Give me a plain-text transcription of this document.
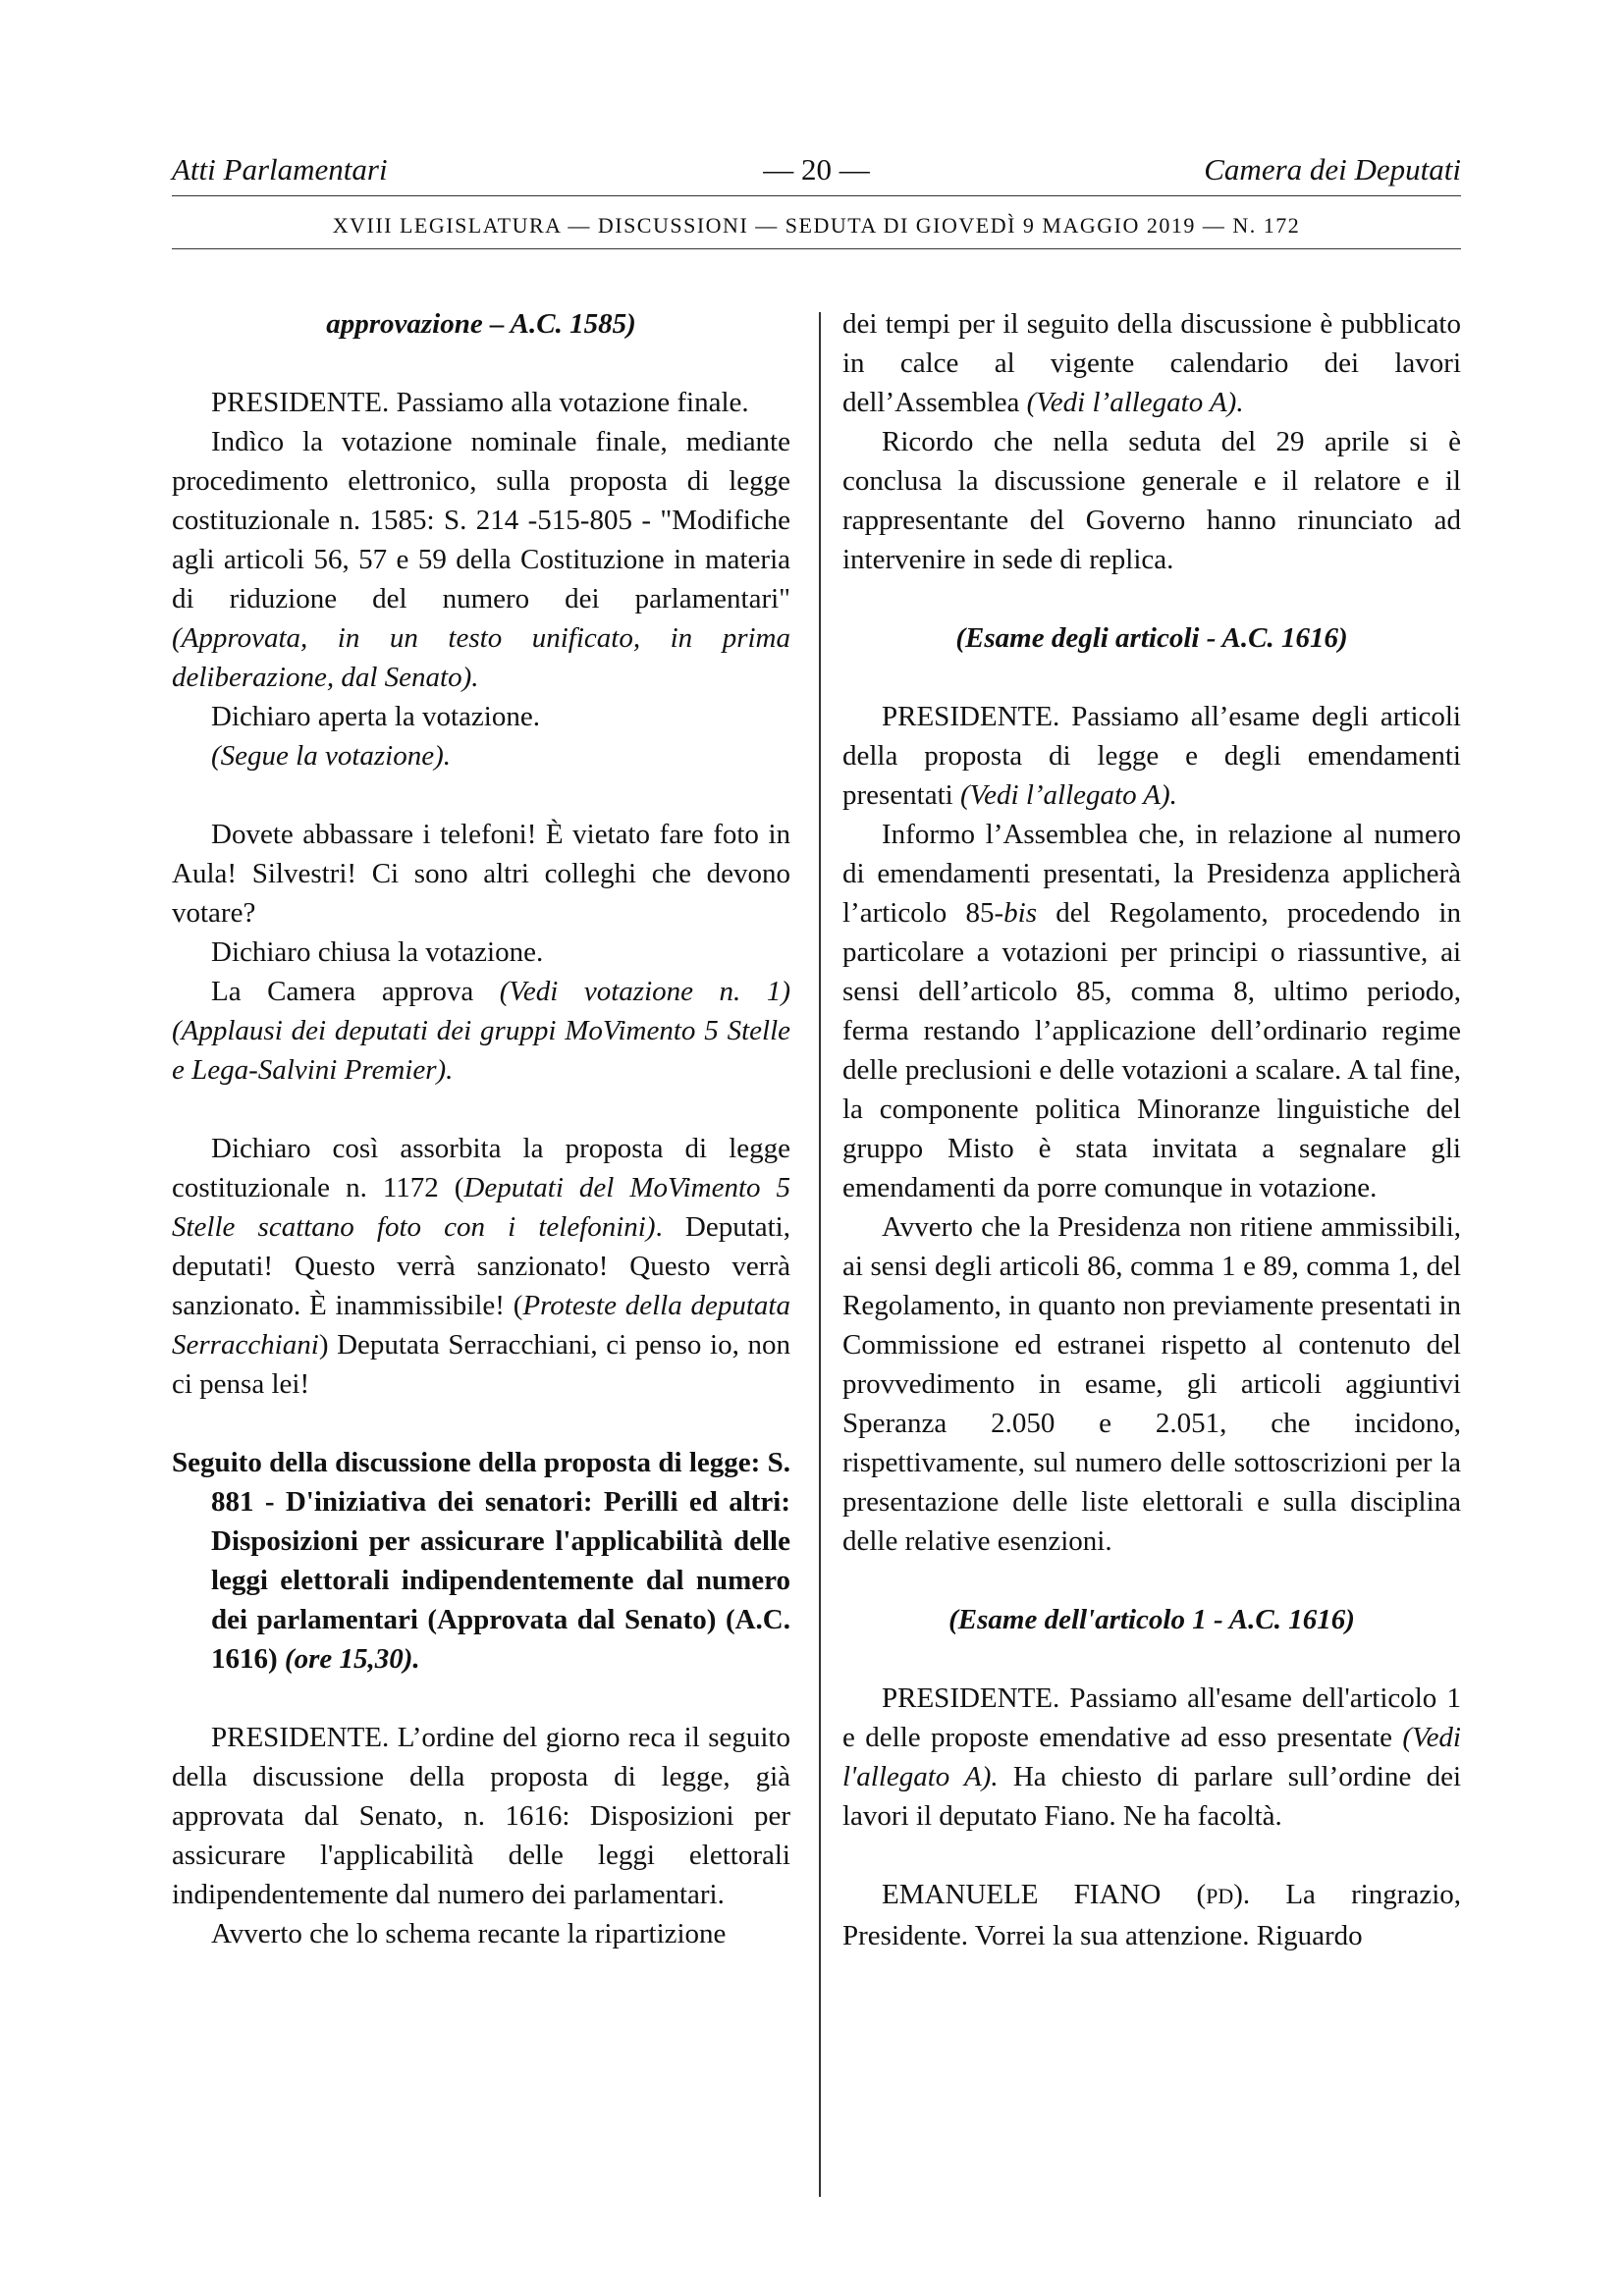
Atti Parlamentari	— 20 —	Camera dei Deputati
XVIII LEGISLATURA — DISCUSSIONI — SEDUTA DI GIOVEDÌ 9 MAGGIO 2019 — N. 172

approvazione – A.C. 1585)

PRESIDENTE. Passiamo alla votazione finale.

Indìco la votazione nominale finale, mediante procedimento elettronico, sulla proposta di legge costituzionale n. 1585: S. 214 -515-805 - "Modifiche agli articoli 56, 57 e 59 della Costituzione in materia di riduzione del numero dei parlamentari" (Approvata, in un testo unificato, in prima deliberazione, dal Senato).

Dichiaro aperta la votazione.

(Segue la votazione).

Dovete abbassare i telefoni! È vietato fare foto in Aula! Silvestri! Ci sono altri colleghi che devono votare?

Dichiaro chiusa la votazione.

La Camera approva (Vedi votazione n. 1) (Applausi dei deputati dei gruppi MoVimento 5 Stelle e Lega-Salvini Premier).

Dichiaro così assorbita la proposta di legge costituzionale n. 1172 (Deputati del MoVimento 5 Stelle scattano foto con i telefonini). Deputati, deputati! Questo verrà sanzionato! Questo verrà sanzionato. È inammissibile! (Proteste della deputata Serracchiani) Deputata Serracchiani, ci penso io, non ci pensa lei!

Seguito della discussione della proposta di legge: S. 881 - D'iniziativa dei senatori: Perilli ed altri: Disposizioni per assicurare l'applicabilità delle leggi elettorali indipendentemente dal numero dei parlamentari (Approvata dal Senato) (A.C. 1616) (ore 15,30).

PRESIDENTE. L’ordine del giorno reca il seguito della discussione della proposta di legge, già approvata dal Senato, n. 1616: Disposizioni per assicurare l'applicabilità delle leggi elettorali indipendentemente dal numero dei parlamentari.

Avverto che lo schema recante la ripartizione

dei tempi per il seguito della discussione è pubblicato in calce al vigente calendario dei lavori dell’Assemblea (Vedi l’allegato A).

Ricordo che nella seduta del 29 aprile si è conclusa la discussione generale e il relatore e il rappresentante del Governo hanno rinunciato ad intervenire in sede di replica.

(Esame degli articoli - A.C. 1616)

PRESIDENTE. Passiamo all’esame degli articoli della proposta di legge e degli emendamenti presentati (Vedi l’allegato A).

Informo l’Assemblea che, in relazione al numero di emendamenti presentati, la Presidenza applicherà l’articolo 85-bis del Regolamento, procedendo in particolare a votazioni per principi o riassuntive, ai sensi dell’articolo 85, comma 8, ultimo periodo, ferma restando l’applicazione dell’ordinario regime delle preclusioni e delle votazioni a scalare. A tal fine, la componente politica Minoranze linguistiche del gruppo Misto è stata invitata a segnalare gli emendamenti da porre comunque in votazione.

Avverto che la Presidenza non ritiene ammissibili, ai sensi degli articoli 86, comma 1 e 89, comma 1, del Regolamento, in quanto non previamente presentati in Commissione ed estranei rispetto al contenuto del provvedimento in esame, gli articoli aggiuntivi Speranza 2.050 e 2.051, che incidono, rispettivamente, sul numero delle sottoscrizioni per la presentazione delle liste elettorali e sulla disciplina delle relative esenzioni.

(Esame dell'articolo 1 - A.C. 1616)

PRESIDENTE. Passiamo all'esame dell'articolo 1 e delle proposte emendative ad esso presentate (Vedi l'allegato A). Ha chiesto di parlare sull’ordine dei lavori il deputato Fiano. Ne ha facoltà.

EMANUELE FIANO (PD). La ringrazio, Presidente. Vorrei la sua attenzione. Riguardo
